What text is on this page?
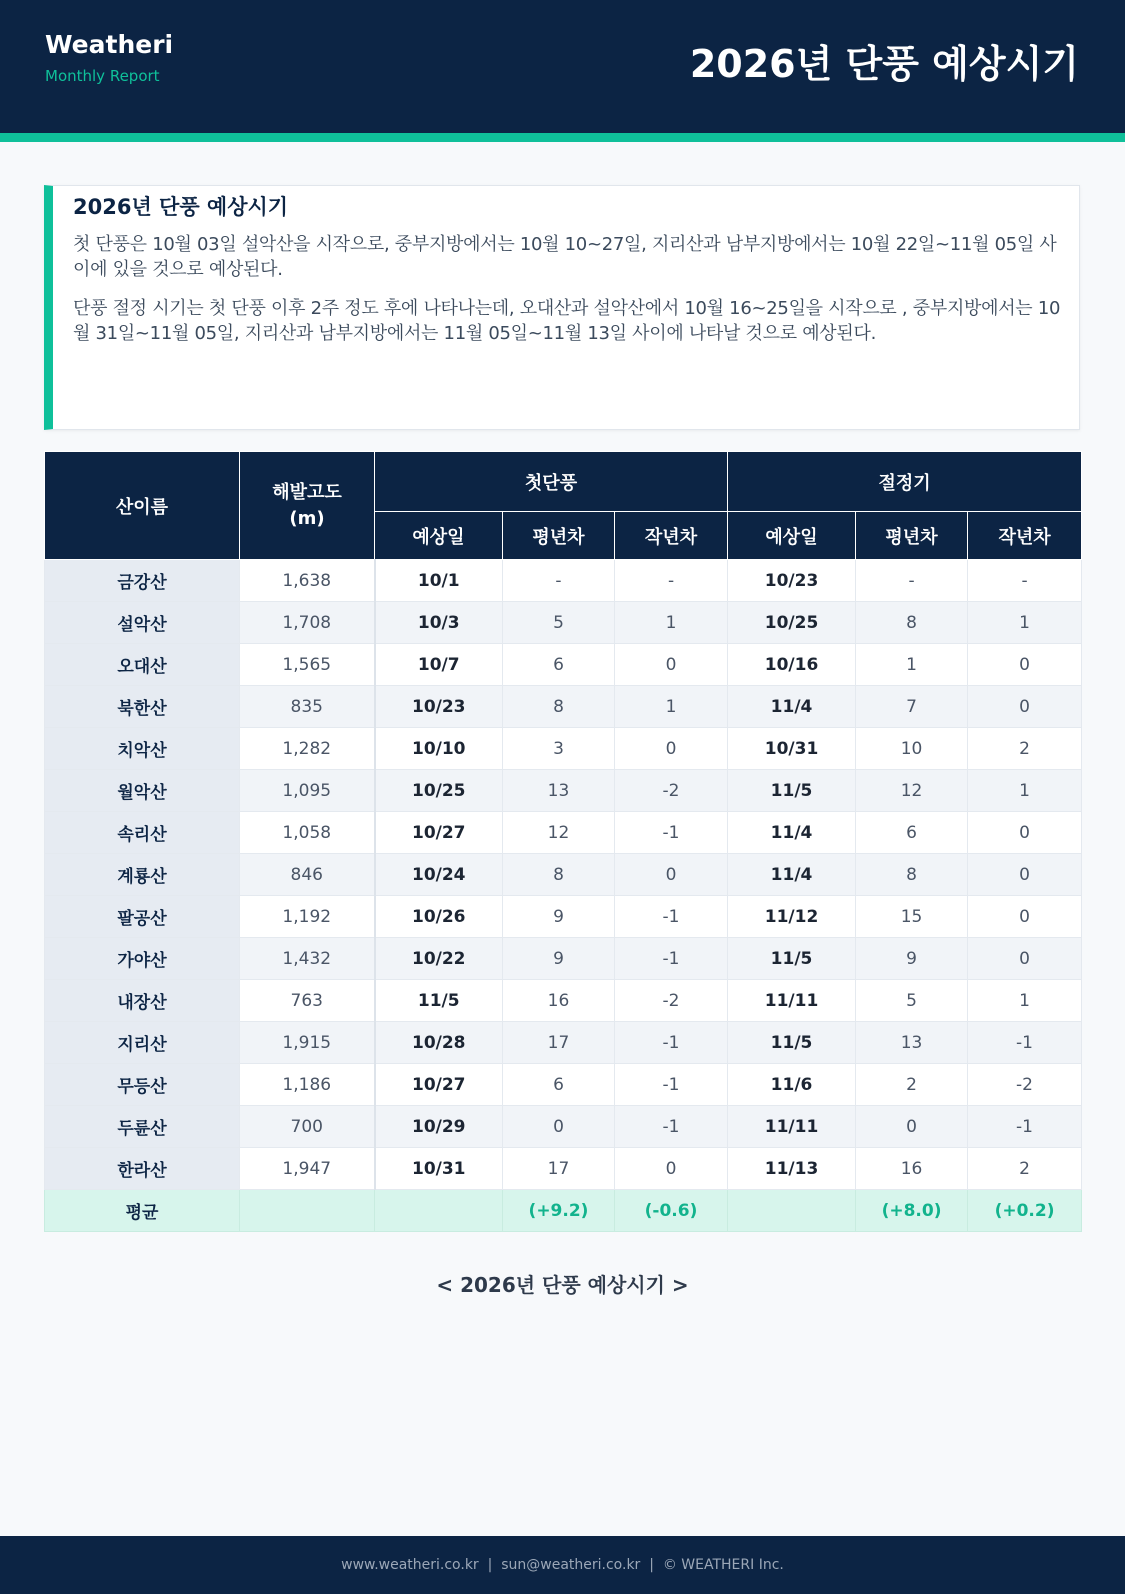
Weatheri
Monthly Report	2026년 단풍 예상시기
2026년 단풍 예상시기

첫 단풍은 10월 03일 설악산을 시작으로, 중부지방에서는 10월 10~27일, 지리산과 남부지방에서는 10월 22일~11월 05일 사이에 있을 것으로 예상된다.

단풍 절정 시기는 첫 단풍 이후 2주 정도 후에 나타나는데, 오대산과 설악산에서 10월 16~25일을 시작으로 , 중부지방에서는 10월 31일~11월 05일, 지리산과 남부지방에서는 11월 05일~11월 13일 사이에 나타날 것으로 예상된다.

산이름	해발고도 (m)	첫단풍			절정기		
		예상일	평년차	작년차	예상일	평년차	작년차
금강산	1,638	10/1	-	-	10/23	-	-
설악산	1,708	10/3	5	1	10/25	8	1
오대산	1,565	10/7	6	0	10/16	1	0
북한산	835	10/23	8	1	11/4	7	0
치악산	1,282	10/10	3	0	10/31	10	2
월악산	1,095	10/25	13	-2	11/5	12	1
속리산	1,058	10/27	12	-1	11/4	6	0
계룡산	846	10/24	8	0	11/4	8	0
팔공산	1,192	10/26	9	-1	11/12	15	0
가야산	1,432	10/22	9	-1	11/5	9	0
내장산	763	11/5	16	-2	11/11	5	1
지리산	1,915	10/28	17	-1	11/5	13	-1
무등산	1,186	10/27	6	-1	11/6	2	-2
두륜산	700	10/29	0	-1	11/11	0	-1
한라산	1,947	10/31	17	0	11/13	16	2
평균			(+9.2)	(-0.6)		(+8.0)	(+0.2)
< 2026년 단풍 예상시기 >
www.weatheri.co.kr | sun@weatheri.co.kr | © WEATHERI Inc.
